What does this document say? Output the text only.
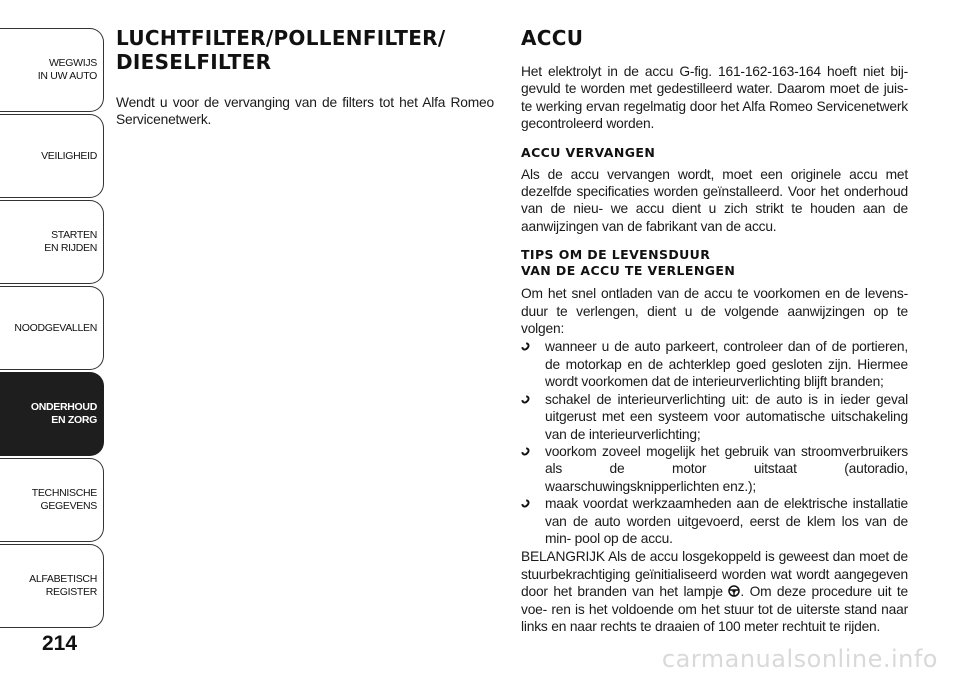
WEGWIJS
IN UW AUTO
VEILIGHEID
STARTEN
EN RIJDEN
NOODGEVALLEN
ONDERHOUD
EN ZORG
TECHNISCHE
GEGEVENS
ALFABETISCH
REGISTER
214
LUCHTFILTER/POLLENFILTER/
DIESELFILTER

Wendt u voor de vervanging van de filters tot het Alfa Romeo Servicenetwerk.

ACCU

Het elektrolyt in de accu G-fig. 161-162-163-164 hoeft niet bij- gevuld te worden met gedestilleerd water. Daarom moet de juis- te werking ervan regelmatig door het Alfa Romeo Servicenetwerk gecontroleerd worden.

ACCU VERVANGEN

Als de accu vervangen wordt, moet een originele accu met dezelfde specificaties worden geïnstalleerd. Voor het onderhoud van de nieu- we accu dient u zich strikt te houden aan de aanwijzingen van de fabrikant van de accu.

TIPS OM DE LEVENSDUUR
VAN DE ACCU TE VERLENGEN

Om het snel ontladen van de accu te voorkomen en de levens- duur te verlengen, dient u de volgende aanwijzingen op te volgen:

wanneer u de auto parkeert, controleer dan of de portieren, de motorkap en de achterklep goed gesloten zijn. Hiermee wordt voorkomen dat de interieurverlichting blijft branden;
schakel de interieurverlichting uit: de auto is in ieder geval uitgerust met een systeem voor automatische uitschakeling van de interieurverlichting;
voorkom zoveel mogelijk het gebruik van stroomverbruikers als de motor uitstaat (autoradio, waarschuwingsknipperlichten enz.);
maak voordat werkzaamheden aan de elektrische installatie van de auto worden uitgevoerd, eerst de klem los van de min- pool op de accu.

BELANGRIJK Als de accu losgekoppeld is geweest dan moet de stuurbekrachtiging geïnitialiseerd worden wat wordt aangegeven door het branden van het lampje . Om deze procedure uit te voe- ren is het voldoende om het stuur tot de uiterste stand naar links en naar rechts te draaien of 100 meter rechtuit te rijden.

carmanualsonline.info
